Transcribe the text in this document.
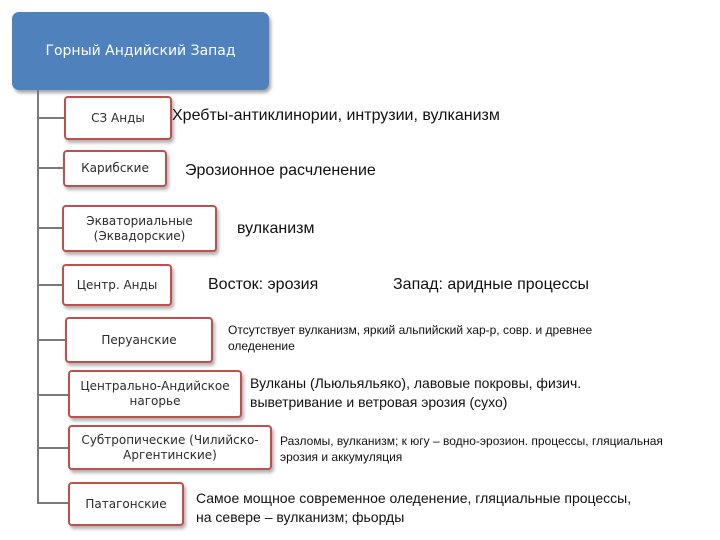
Горный Андийский Запад
СЗ Анды Хребты-антиклинории, интрузии, вулканизм
Карибские Эрозионное расчленение
Экваториальные (Эквадорские)	вулканизм
Центр. Анды	Восток: эрозия	Запад: аридные процессы
Перуанские
Отсутствует вулканизм, яркий альпийский хар-р, совр. и древнее оледенение
Центрально-Андийское нагорье
Вулканы (Льюльяльяко), лавовые покровы, физич. выветривание и ветровая эрозия (сухо)
Субтропические (Чилийско-Аргентинские)
Разломы, вулканизм; к югу – водно-эрозион. процессы, гляциальная эрозия и аккумуляция
Патагонские Самое мощное современное оледенение, гляциальные процессы, на севере – вулканизм; фьорды
